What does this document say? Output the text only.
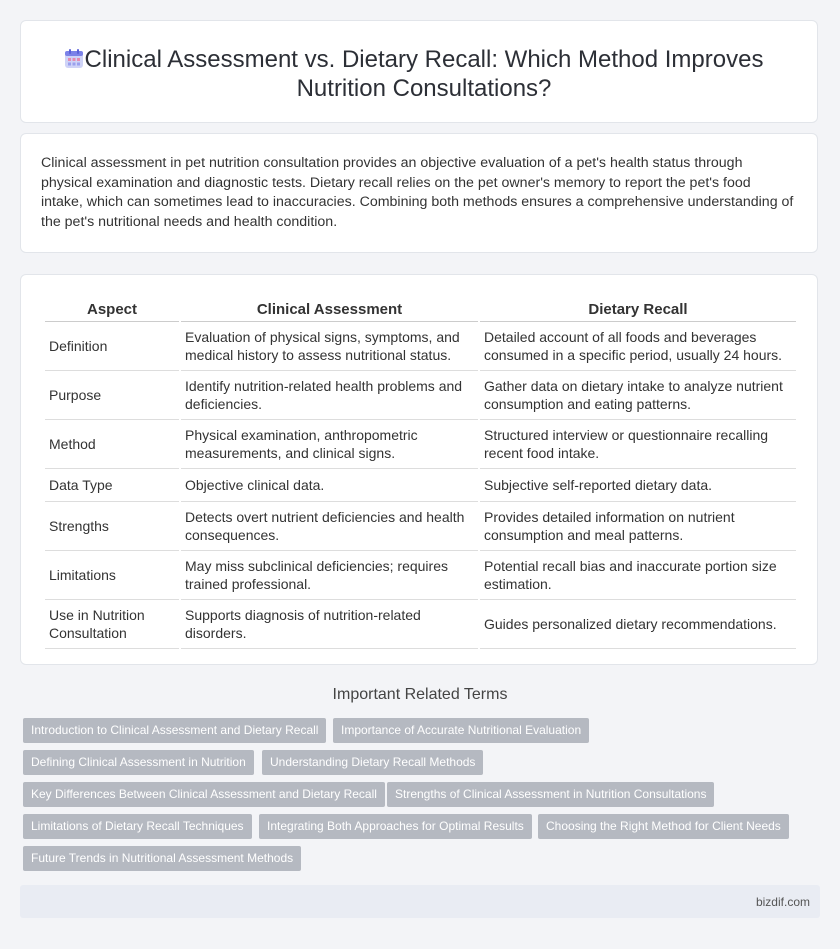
Clinical Assessment vs. Dietary Recall: Which Method Improves Nutrition Consultations?
Clinical assessment in pet nutrition consultation provides an objective evaluation of a pet's health status through physical examination and diagnostic tests. Dietary recall relies on the pet owner's memory to report the pet's food intake, which can sometimes lead to inaccuracies. Combining both methods ensures a comprehensive understanding of the pet's nutritional needs and health condition.
Aspect	Clinical Assessment	Dietary Recall
Definition	Evaluation of physical signs, symptoms, and medical history to assess nutritional status.	Detailed account of all foods and beverages consumed in a specific period, usually 24 hours.
Purpose	Identify nutrition-related health problems and deficiencies.	Gather data on dietary intake to analyze nutrient consumption and eating patterns.
Method	Physical examination, anthropometric measurements, and clinical signs.	Structured interview or questionnaire recalling recent food intake.
Data Type	Objective clinical data.	Subjective self-reported dietary data.
Strengths	Detects overt nutrient deficiencies and health consequences.	Provides detailed information on nutrient consumption and meal patterns.
Limitations	May miss subclinical deficiencies; requires trained professional.	Potential recall bias and inaccurate portion size estimation.
Use in Nutrition Consultation	Supports diagnosis of nutrition-related disorders.	Guides personalized dietary recommendations.
Important Related Terms
Introduction to Clinical Assessment and Dietary Recall	Importance of Accurate Nutritional Evaluation
Defining Clinical Assessment in Nutrition	Understanding Dietary Recall Methods
Key Differences Between Clinical Assessment and Dietary Recall	Strengths of Clinical Assessment in Nutrition Consultations
Limitations of Dietary Recall Techniques	Integrating Both Approaches for Optimal Results	Choosing the Right Method for Client Needs
Future Trends in Nutritional Assessment Methods
bizdif.com
